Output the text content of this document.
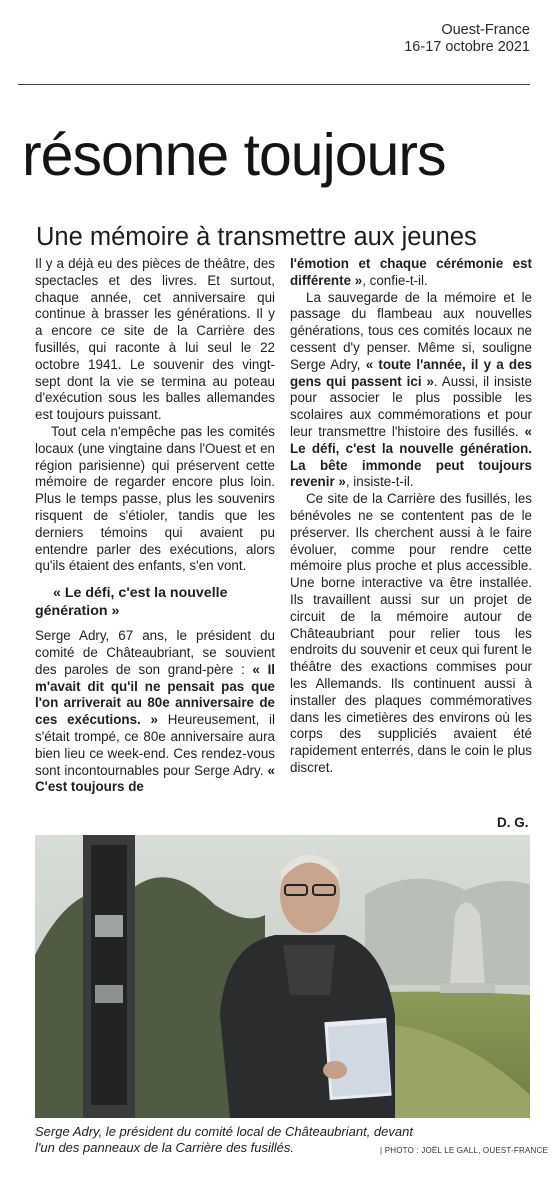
Ouest-France
16-17 octobre 2021
résonne toujours
Une mémoire à transmettre aux jeunes

Il y a déjà eu des pièces de théâtre, des spectacles et des livres. Et surtout, chaque année, cet anniversaire qui continue à brasser les générations. Il y a encore ce site de la Carrière des fusillés, qui raconte à lui seul le 22 octobre 1941. Le souvenir des vingt-sept dont la vie se termina au poteau d'exécution sous les balles allemandes est toujours puissant.

Tout cela n'empêche pas les comités locaux (une vingtaine dans l'Ouest et en région parisienne) qui préservent cette mémoire de regarder encore plus loin. Plus le temps passe, plus les souvenirs risquent de s'étioler, tandis que les derniers témoins qui avaient pu entendre parler des exécutions, alors qu'ils étaient des enfants, s'en vont.

« Le défi, c'est la nouvelle génération »

Serge Adry, 67 ans, le président du comité de Châteaubriant, se souvient des paroles de son grand-père : « Il m'avait dit qu'il ne pensait pas que l'on arriverait au 80e anniversaire de ces exécutions. » Heureusement, il s'était trompé, ce 80e anniversaire aura bien lieu ce week-end. Ces rendez-vous sont incontournables pour Serge Adry. « C'est toujours de

l'émotion et chaque cérémonie est différente », confie-t-il.

La sauvegarde de la mémoire et le passage du flambeau aux nouvelles générations, tous ces comités locaux ne cessent d'y penser. Même si, souligne Serge Adry, « toute l'année, il y a des gens qui passent ici ». Aussi, il insiste pour associer le plus possible les scolaires aux commémorations et pour leur transmettre l'histoire des fusillés. « Le défi, c'est la nouvelle génération. La bête immonde peut toujours revenir », insiste-t-il.

Ce site de la Carrière des fusillés, les bénévoles ne se contentent pas de le préserver. Ils cherchent aussi à le faire évoluer, comme pour rendre cette mémoire plus proche et plus accessible. Une borne interactive va être installée. Ils travaillent aussi sur un projet de circuit de la mémoire autour de Châteaubriant pour relier tous les endroits du souvenir et ceux qui furent le théâtre des exactions commises pour les Allemands. Ils continuent aussi à installer des plaques commémoratives dans les cimetières des environs où les corps des suppliciés avaient été rapidement enterrés, dans le coin le plus discret.

D. G.
Serge Adry, le président du comité local de Châteaubriant, devant l'un des panneaux de la Carrière des fusillés.	| PHOTO : JOËL LE GALL, OUEST-FRANCE
